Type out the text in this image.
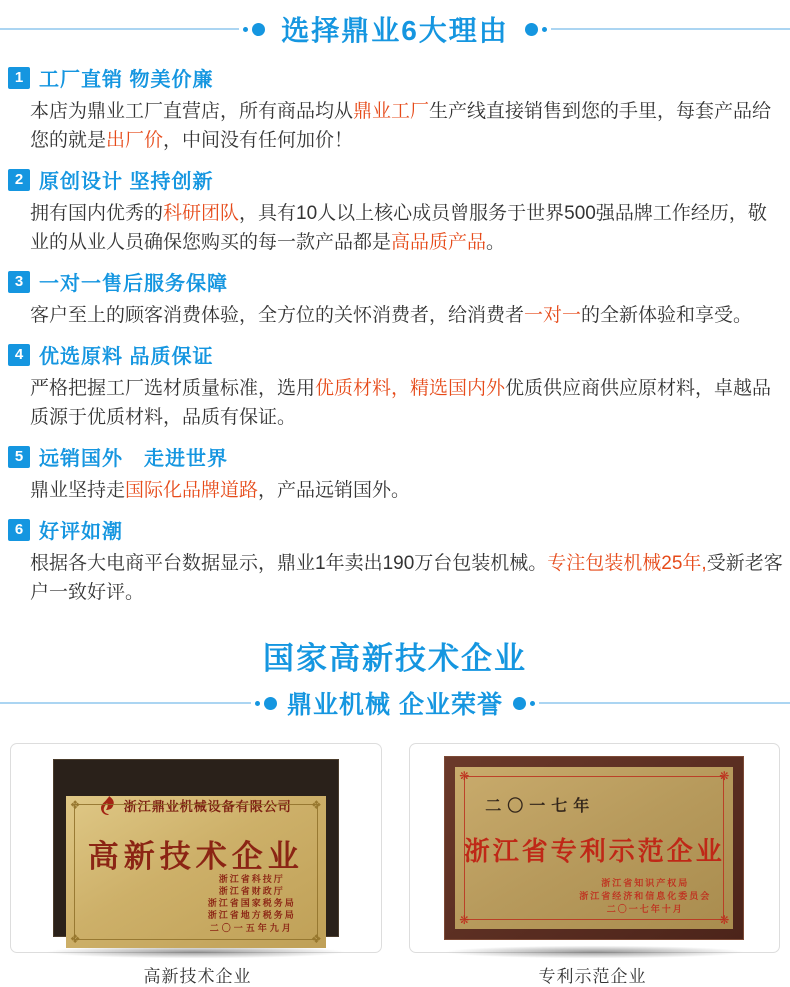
选择鼎业6大理由
1 工厂直销 物美价廉

本店为鼎业工厂直营店，所有商品均从鼎业工厂生产线直接销售到您的手里，每套产品给您的就是出厂价，中间没有任何加价！

2 原创设计 坚持创新

拥有国内优秀的科研团队，具有10人以上核心成员曾服务于世界500强品牌工作经历，敬业的从业人员确保您购买的每一款产品都是高品质产品。

3 一对一售后服务保障

客户至上的顾客消费体验，全方位的关怀消费者，给消费者一对一的全新体验和享受。

4 优选原料 品质保证

严格把握工厂选材质量标准，选用优质材料，精选国内外优质供应商供应原材料，卓越品质源于优质材料，品质有保证。

5 远销国外　走进世界

鼎业坚持走国际化品牌道路，产品远销国外。

6 好评如潮

根据各大电商平台数据显示，鼎业1年卖出190万台包装机械。专注包装机械25年,受新老客户一致好评。

国家高新技术企业
鼎业机械 企业荣誉
❖	❖
❖	❖
浙江鼎业机械设备有限公司
高新技术企业
浙江省科技厅
浙江省财政厅
浙江省国家税务局
浙江省地方税务局
二〇一五年九月
❋	❋
❋	❋
二〇一七年
浙江省专利示范企业
浙江省知识产权局
浙江省经济和信息化委员会
二〇一七年十月
高新技术企业	专利示范企业
